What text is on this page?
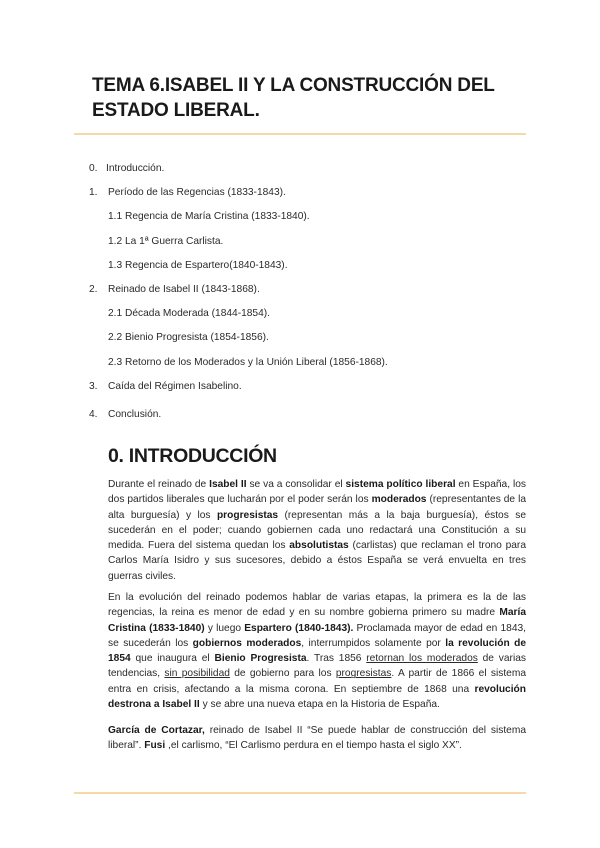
TEMA 6.ISABEL II Y LA CONSTRUCCIÓN DEL ESTADO LIBERAL.
0. Introducción.
1. Período de las Regencias (1833-1843).
1.1 Regencia de María Cristina (1833-1840).
1.2 La 1ª Guerra Carlista.
1.3 Regencia de Espartero(1840-1843).
2. Reinado de Isabel II (1843-1868).
2.1 Década Moderada (1844-1854).
2.2 Bienio Progresista (1854-1856).
2.3 Retorno de los Moderados y la Unión Liberal (1856-1868).
3. Caída del Régimen Isabelino.
4. Conclusión.
0. INTRODUCCIÓN

Durante el reinado de Isabel II se va a consolidar el sistema político liberal en España, los dos partidos liberales que lucharán por el poder serán los moderados (representantes de la alta burguesía) y los progresistas (representan más a la baja burguesía), éstos se sucederán en el poder; cuando gobiernen cada uno redactará una Constitución a su medida. Fuera del sistema quedan los absolutistas (carlistas) que reclaman el trono para Carlos María Isidro y sus sucesores, debido a éstos España se verá envuelta en tres guerras civiles.

En la evolución del reinado podemos hablar de varias etapas, la primera es la de las regencias, la reina es menor de edad y en su nombre gobierna primero su madre María Cristina (1833-1840) y luego Espartero (1840-1843). Proclamada mayor de edad en 1843, se sucederán los gobiernos moderados, interrumpidos solamente por la revolución de 1854 que inaugura el Bienio Progresista. Tras 1856 retornan los moderados de varias tendencias, sin posibilidad de gobierno para los progresistas. A partir de 1866 el sistema entra en crisis, afectando a la misma corona. En septiembre de 1868 una revolución destrona a Isabel II y se abre una nueva etapa en la Historia de España.

García de Cortazar, reinado de Isabel II “Se puede hablar de construcción del sistema liberal”. Fusi ,el carlismo, “El Carlismo perdura en el tiempo hasta el siglo XX”.
